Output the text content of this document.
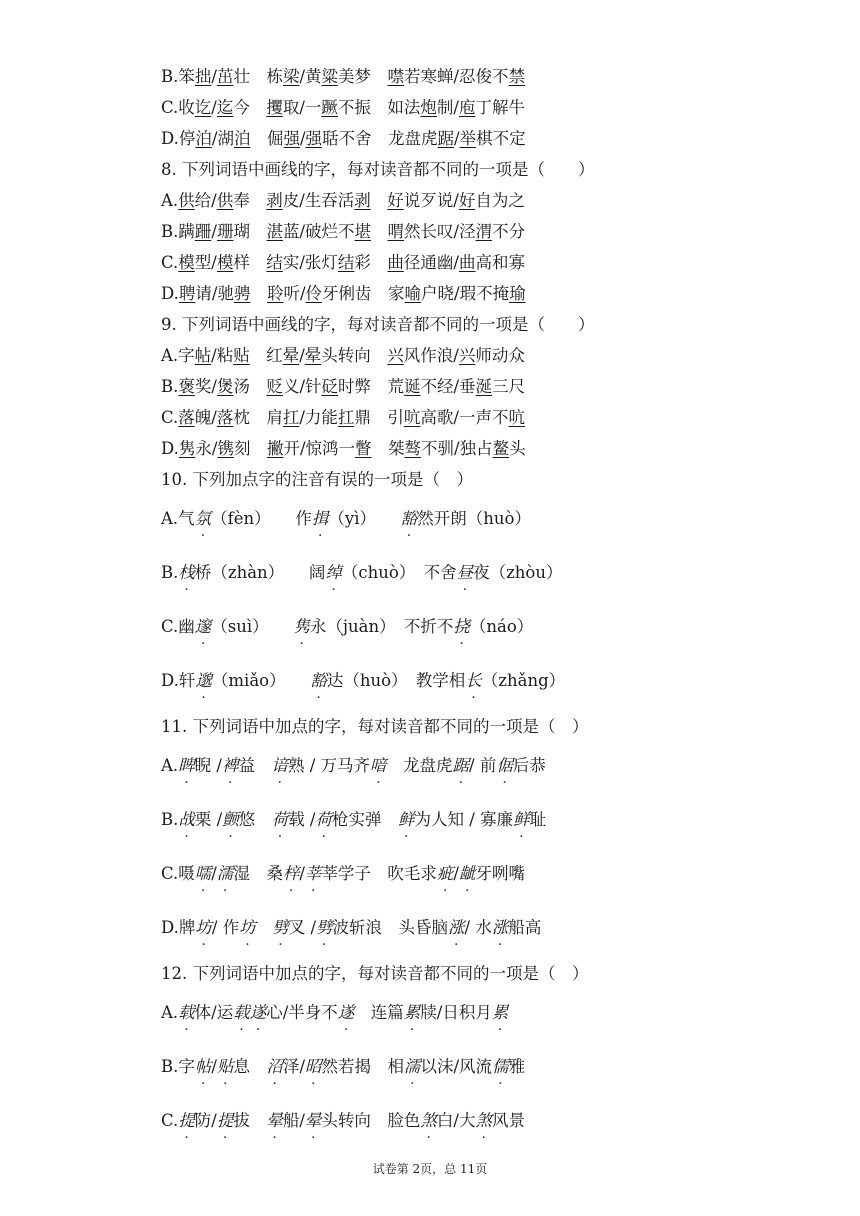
B.笨拙/茁壮　栋梁/黄粱美梦　噤若寒蝉/忍俊不禁
C.收讫/迄今　攫取/一蹶不振　如法炮制/庖丁解牛
D.停泊/湖泊　倔强/强聒不舍　龙盘虎踞/举棋不定
8. 下列词语中画线的字，每对读音都不同的一项是（　　）
A.供给/供奉　剥皮/生吞活剥　 好说歹说/好自为之
B.蹒跚/珊瑚　湛蓝/破烂不堪　 喟然长叹/泾渭不分
C.模型/模样　结实/张灯结彩　曲径通幽/曲高和寡
D.聘请/驰骋　 聆听/伶牙俐齿　家喻户晓/瑕不掩瑜
9. 下列词语中画线的字，每对读音都不同的一项是（　　）
A.字帖/粘贴　红晕/晕头转向　兴风作浪/兴师动众
B.褒奖/煲汤　贬义/针砭时弊　荒诞不经/垂涎三尺
C.落魄/落枕　肩扛/力能扛鼎　引吭高歌/一声不吭
D.隽永/镌刻　撇开/惊鸿一瞥　桀骜不驯/独占鳌头
10. 下列加点字的注音有误的一项是（　）
A.气氛（fèn）　　作揖（yì）　　豁然开朗（huò）
B.栈桥（zhàn）　　阔绰（chuò）　不舍昼夜（zhòu）
C.幽邃（suì）　　隽永（juàn）　不折不挠（náo）
D.轩邈（miǎo）　　豁达（huò）　教学相长（zhǎng）
11. 下列词语中加点的字，每对读音都不同的一项是（　）
A.睥睨 /裨益　谙熟 / 万马齐喑　龙盘虎踞/ 前倨后恭
B.战栗 /颤悠　荷载 /荷枪实弹　鲜为人知 / 寡廉鲜耻
C.嗫嚅/濡湿　桑梓/莘莘学子　吹毛求疵/龇牙咧嘴
D.牌坊/ 作坊　 劈叉 /劈波斩浪　头昏脑涨/ 水涨船高
12. 下列词语中加点的字，每对读音都不同的一项是（　）
A.载体/运载遂心/半身不遂　连篇累牍/日积月累
B.字帖/贴息　沼泽/昭然若揭　相濡以沫/风流儒雅
C.提防/提拔　晕船/晕头转向　脸色煞白/大煞风景
试卷第 2页，总 11页
